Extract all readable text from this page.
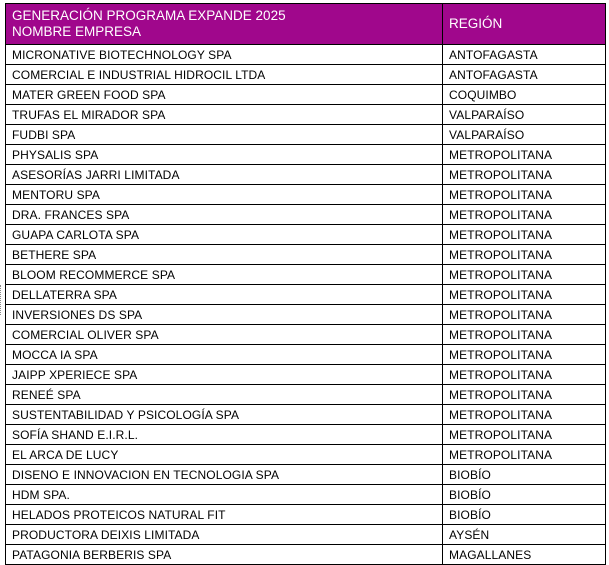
GENERACIÓN PROGRAMA EXPANDE 2025
NOMBRE EMPRESA	REGIÓN
MICRONATIVE BIOTECHNOLOGY SPA	ANTOFAGASTA
COMERCIAL E INDUSTRIAL HIDROCIL LTDA	ANTOFAGASTA
MATER GREEN FOOD SPA	COQUIMBO
TRUFAS EL MIRADOR SPA	VALPARAÍSO
FUDBI SPA	VALPARAÍSO
PHYSALIS SPA	METROPOLITANA
ASESORÍAS JARRI LIMITADA	METROPOLITANA
MENTORU SPA	METROPOLITANA
DRA. FRANCES SPA	METROPOLITANA
GUAPA CARLOTA SPA	METROPOLITANA
BETHERE SPA	METROPOLITANA
BLOOM RECOMMERCE SPA	METROPOLITANA
DELLATERRA SPA	METROPOLITANA
INVERSIONES DS SPA	METROPOLITANA
COMERCIAL OLIVER SPA	METROPOLITANA
MOCCA IA SPA	METROPOLITANA
JAIPP XPERIECE SPA	METROPOLITANA
RENEÉ SPA	METROPOLITANA
SUSTENTABILIDAD Y PSICOLOGÍA SPA	METROPOLITANA
SOFÍA SHAND E.I.R.L.	METROPOLITANA
EL ARCA DE LUCY	METROPOLITANA
DISENO E INNOVACION EN TECNOLOGIA SPA	BIOBÍO
HDM SPA.	BIOBÍO
HELADOS PROTEICOS NATURAL FIT	BIOBÍO
PRODUCTORA DEIXIS LIMITADA	AYSÉN
PATAGONIA BERBERIS SPA	MAGALLANES
